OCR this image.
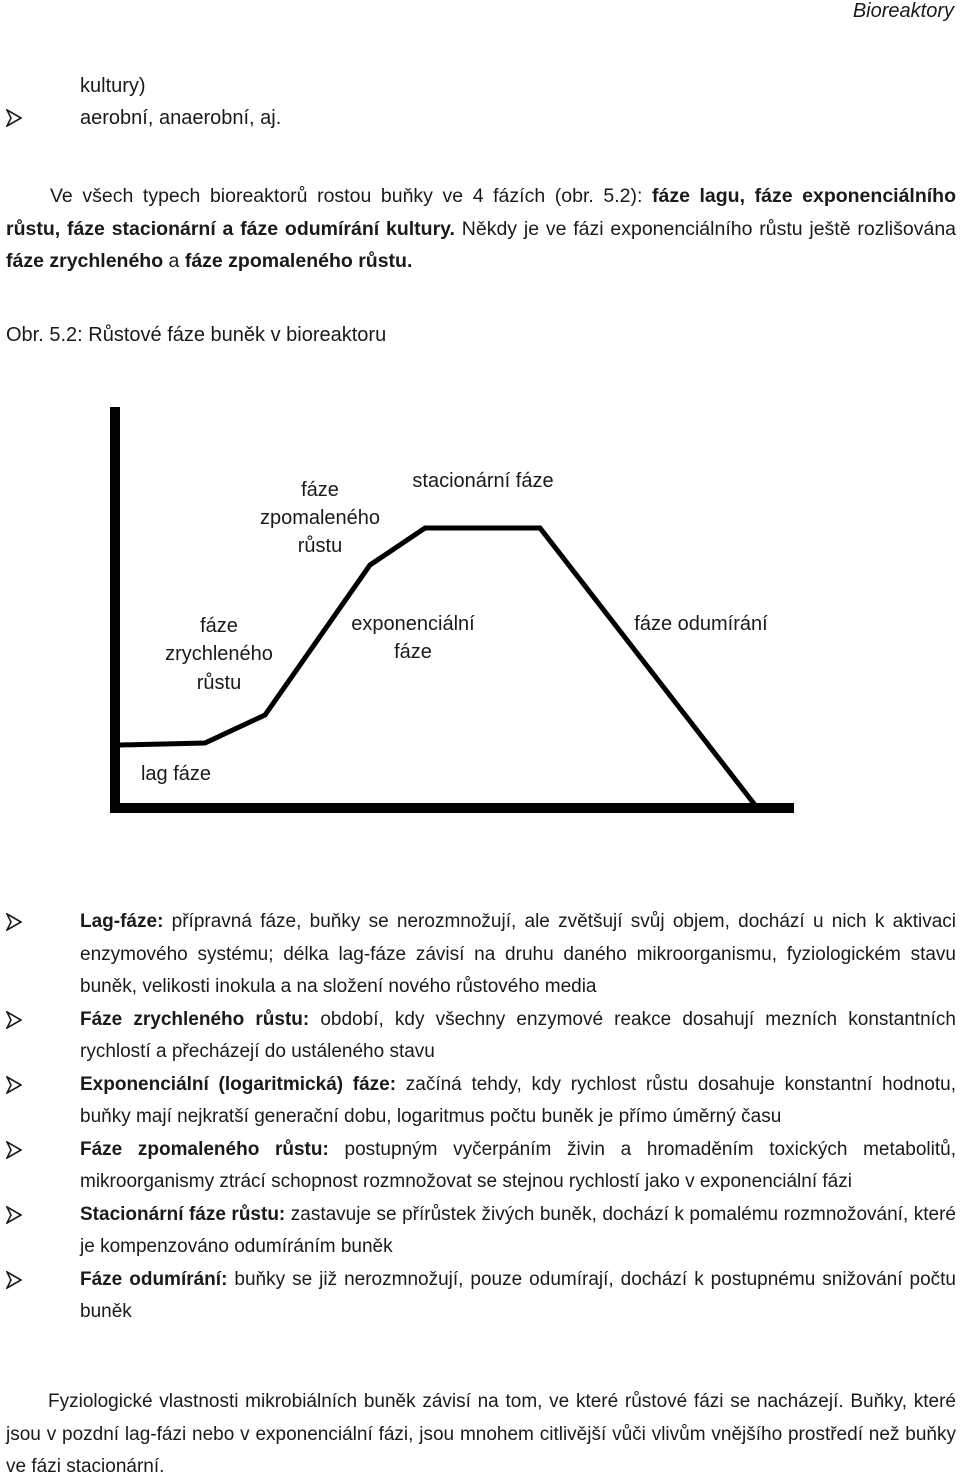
Bioreaktory
kultury)
aerobní, anaerobní, aj.

Ve všech typech bioreaktorů rostou buňky ve 4 fázích (obr. 5.2): fáze lagu, fáze exponenciálního růstu, fáze stacionární a fáze odumírání kultury. Někdy je ve fázi exponenciálního růstu ještě rozlišována fáze zrychleného a fáze zpomaleného růstu.

Obr. 5.2: Růstové fáze buněk v bioreaktoru
fáze
zpomaleného
růstu
stacionární fáze
fáze
zrychleného
růstu
exponenciální
fáze
fáze odumírání
lag fáze
Lag-fáze: přípravná fáze, buňky se nerozmnožují, ale zvětšují svůj objem, dochází u nich k aktivaci enzymového systému; délka lag-fáze závisí na druhu daného mikroorganismu, fyziologickém stavu buněk, velikosti inokula a na složení nového růstového media
Fáze zrychleného růstu: období, kdy všechny enzymové reakce dosahují mezních konstantních rychlostí a přecházejí do ustáleného stavu
Exponenciální (logaritmická) fáze: začíná tehdy, kdy rychlost růstu dosahuje konstantní hodnotu, buňky mají nejkratší generační dobu, logaritmus počtu buněk je přímo úměrný času
Fáze zpomaleného růstu: postupným vyčerpáním živin a hromaděním toxických metabolitů, mikroorganismy ztrácí schopnost rozmnožovat se stejnou rychlostí jako v exponenciální fázi
Stacionární fáze růstu: zastavuje se přírůstek živých buněk, dochází k pomalému rozmnožování, které je kompenzováno odumíráním buněk
Fáze odumírání: buňky se již nerozmnožují, pouze odumírají, dochází k postupnému snižování počtu buněk

Fyziologické vlastnosti mikrobiálních buněk závisí na tom, ve které růstové fázi se nacházejí. Buňky, které jsou v pozdní lag-fázi nebo v exponenciální fázi, jsou mnohem citlivější vůči vlivům vnějšího prostředí než buňky ve fázi stacionární.
